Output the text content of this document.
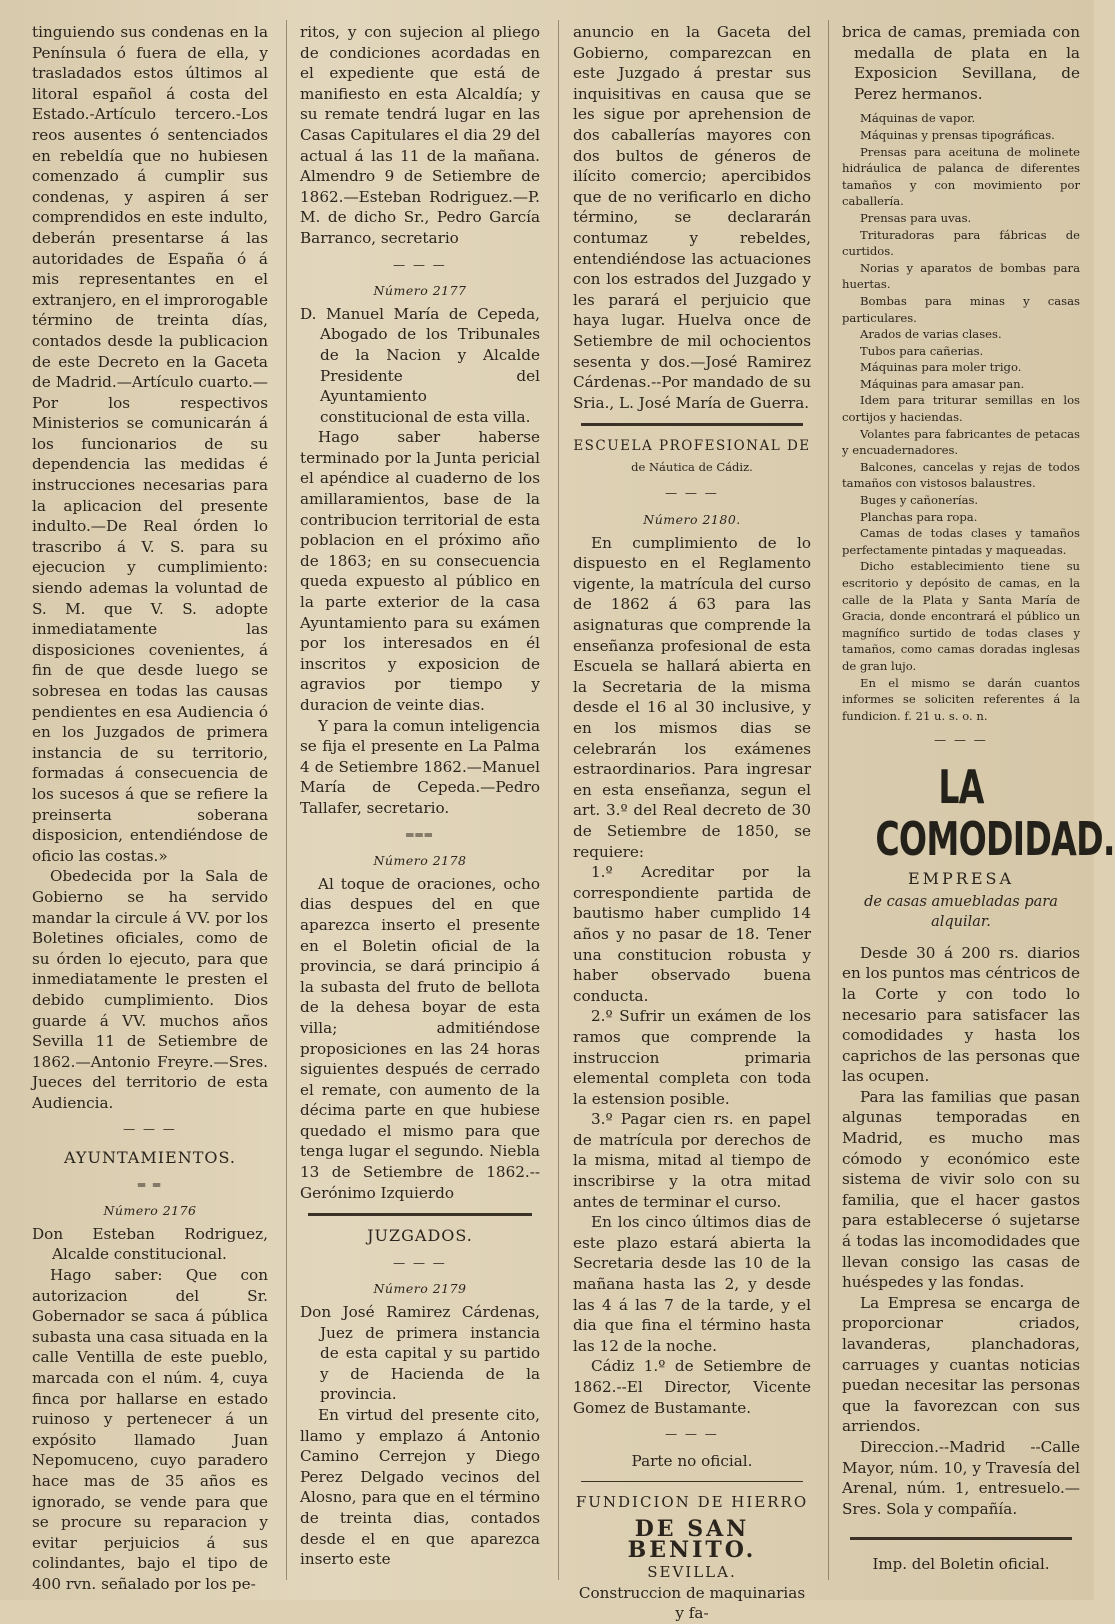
tinguiendo sus condenas en la Península ó fuera de ella, y trasladados estos últimos al litoral español á costa del Estado.-Artículo tercero.-Los reos ausentes ó sentenciados en rebeldía que no hubiesen comenzado á cumplir sus condenas, y aspiren á ser comprendidos en este indulto, deberán presentarse á las autoridades de España ó á mis representantes en el extranjero, en el improrogable término de treinta días, contados desde la publicacion de este Decreto en la Gaceta de Madrid.—Artículo cuarto.—Por los respectivos Ministerios se comunicarán á los funcionarios de su dependencia las medidas é instrucciones necesarias para la aplicacion del presente indulto.—De Real órden lo trascribo á V. S. para su ejecucion y cumplimiento: siendo ademas la voluntad de S. M. que V. S. adopte inmediatamente las disposiciones covenientes, á fin de que desde luego se sobresea en todas las causas pendientes en esa Audiencia ó en los Juzgados de primera instancia de su territorio, formadas á consecuencia de los sucesos á que se refiere la preinserta soberana disposicion, entendiéndose de oficio las costas.»

Obedecida por la Sala de Gobierno se ha servido mandar la circule á VV. por los Boletines oficiales, como de su órden lo ejecuto, para que inmediatamente le presten el debido cumplimiento. Dios guarde á VV. muchos años Sevilla 11 de Setiembre de 1862.—Antonio Freyre.—Sres. Jueces del territorio de esta Audiencia.

— — —

AYUNTAMIENTOS.

═ ═

Número 2176

Don Esteban Rodriguez, Alcalde constitucional.

Hago saber: Que con autorizacion del Sr. Gobernador se saca á pública subasta una casa situada en la calle Ventilla de este pueblo, marcada con el núm. 4, cuya finca por hallarse en estado ruinoso y pertenecer á un expósito llamado Juan Nepomuceno, cuyo paradero hace mas de 35 años es ignorado, se vende para que se procure su reparacion y evitar perjuicios á sus colindantes, bajo el tipo de 400 rvn. señalado por los pe-

ritos, y con sujecion al pliego de condiciones acordadas en el expediente que está de manifiesto en esta Alcaldía; y su remate tendrá lugar en las Casas Capitulares el dia 29 del actual á las 11 de la mañana. Almendro 9 de Setiembre de 1862.—Esteban Rodriguez.—P. M. de dicho Sr., Pedro García Barranco, secretario

— — —

Número 2177

D. Manuel María de Cepeda, Abogado de los Tribunales de la Nacion y Alcalde Presidente del Ayuntamiento constitucional de esta villa.

Hago saber haberse terminado por la Junta pericial el apéndice al cuaderno de los amillaramientos, base de la contribucion territorial de esta poblacion en el próximo año de 1863; en su consecuencia queda expuesto al público en la parte exterior de la casa Ayuntamiento para su exámen por los interesados en él inscritos y exposicion de agravios por tiempo y duracion de veinte dias.

Y para la comun inteligencia se fija el presente en La Palma 4 de Setiembre 1862.—Manuel María de Cepeda.—Pedro Tallafer, secretario.

═══

Número 2178

Al toque de oraciones, ocho dias despues del en que aparezca inserto el presente en el Boletin oficial de la provincia, se dará principio á la subasta del fruto de bellota de la dehesa boyar de esta villa; admitiéndose proposiciones en las 24 horas siguientes después de cerrado el remate, con aumento de la décima parte en que hubiese quedado el mismo para que tenga lugar el segundo. Niebla 13 de Setiembre de 1862.--Gerónimo Izquierdo

JUZGADOS.

— — —

Número 2179

Don José Ramirez Cárdenas, Juez de primera instancia de esta capital y su partido y de Hacienda de la provincia.

En virtud del presente cito, llamo y emplazo á Antonio Camino Cerrejon y Diego Perez Delgado vecinos del Alosno, para que en el término de treinta dias, contados desde el en que aparezca inserto este

anuncio en la Gaceta del Gobierno, comparezcan en este Juzgado á prestar sus inquisitivas en causa que se les sigue por aprehension de dos caballerías mayores con dos bultos de géneros de ilícito comercio; apercibidos que de no verificarlo en dicho término, se declararán contumaz y rebeldes, entendiéndose las actuaciones con los estrados del Juzgado y les parará el perjuicio que haya lugar. Huelva once de Setiembre de mil ochocientos sesenta y dos.—José Ramirez Cárdenas.--Por mandado de su Sria., L. José María de Guerra.

ESCUELA PROFESIONAL DE

de Náutica de Cádiz.

— — —

Número 2180.

En cumplimiento de lo dispuesto en el Reglamento vigente, la matrícula del curso de 1862 á 63 para las asignaturas que comprende la enseñanza profesional de esta Escuela se hallará abierta en la Secretaria de la misma desde el 16 al 30 inclusive, y en los mismos dias se celebrarán los exámenes estraordinarios. Para ingresar en esta enseñanza, segun el art. 3.º del Real decreto de 30 de Setiembre de 1850, se requiere:

1.º Acreditar por la correspondiente partida de bautismo haber cumplido 14 años y no pasar de 18. Tener una constitucion robusta y haber observado buena conducta.

2.º Sufrir un exámen de los ramos que comprende la instruccion primaria elemental completa con toda la estension posible.

3.º Pagar cien rs. en papel de matrícula por derechos de la misma, mitad al tiempo de inscribirse y la otra mitad antes de terminar el curso.

En los cinco últimos dias de este plazo estará abierta la Secretaria desde las 10 de la mañana hasta las 2, y desde las 4 á las 7 de la tarde, y el dia que fina el término hasta las 12 de la noche.

Cádiz 1.º de Setiembre de 1862.--El Director, Vicente Gomez de Bustamante.

— — —

Parte no oficial.

FUNDICION DE HIERRO

DE SAN BENITO.

SEVILLA.

Construccion de maquinarias y fa-

brica de camas, premiada con medalla de plata en la Exposicion Sevillana, de Perez hermanos.

Máquinas de vapor.

Máquinas y prensas tipográficas.

Prensas para aceituna de molinete hidráulica de palanca de diferentes tamaños y con movimiento por caballería.

Prensas para uvas.

Trituradoras para fábricas de curtidos.

Norias y aparatos de bombas para huertas.

Bombas para minas y casas particulares.

Arados de varias clases.

Tubos para cañerias.

Máquinas para moler trigo.

Máquinas para amasar pan.

Idem para triturar semillas en los cortijos y haciendas.

Volantes para fabricantes de petacas y encuadernadores.

Balcones, cancelas y rejas de todos tamaños con vistosos balaustres.

Buges y cañonerías.

Planchas para ropa.

Camas de todas clases y tamaños perfectamente pintadas y maqueadas.

Dicho establecimiento tiene su escritorio y depósito de camas, en la calle de la Plata y Santa María de Gracia, donde encontrará el público un magnífico surtido de todas clases y tamaños, como camas doradas inglesas de gran lujo.

En el mismo se darán cuantos informes se soliciten referentes á la fundicion. f. 21 u. s. o. n.

— — —

LA COMODIDAD.

EMPRESA

de casas amuebladas para alquilar.

Desde 30 á 200 rs. diarios en los puntos mas céntricos de la Corte y con todo lo necesario para satisfacer las comodidades y hasta los caprichos de las personas que las ocupen.

Para las familias que pasan algunas temporadas en Madrid, es mucho mas cómodo y económico este sistema de vivir solo con su familia, que el hacer gastos para establecerse ó sujetarse á todas las incomodidades que llevan consigo las casas de huéspedes y las fondas.

La Empresa se encarga de proporcionar criados, lavanderas, planchadoras, carruages y cuantas noticias puedan necesitar las personas que la favorezcan con sus arriendos.

Direccion.--Madrid --Calle Mayor, núm. 10, y Travesía del Arenal, núm. 1, entresuelo.—Sres. Sola y compañía.

Imp. del Boletin oficial.
